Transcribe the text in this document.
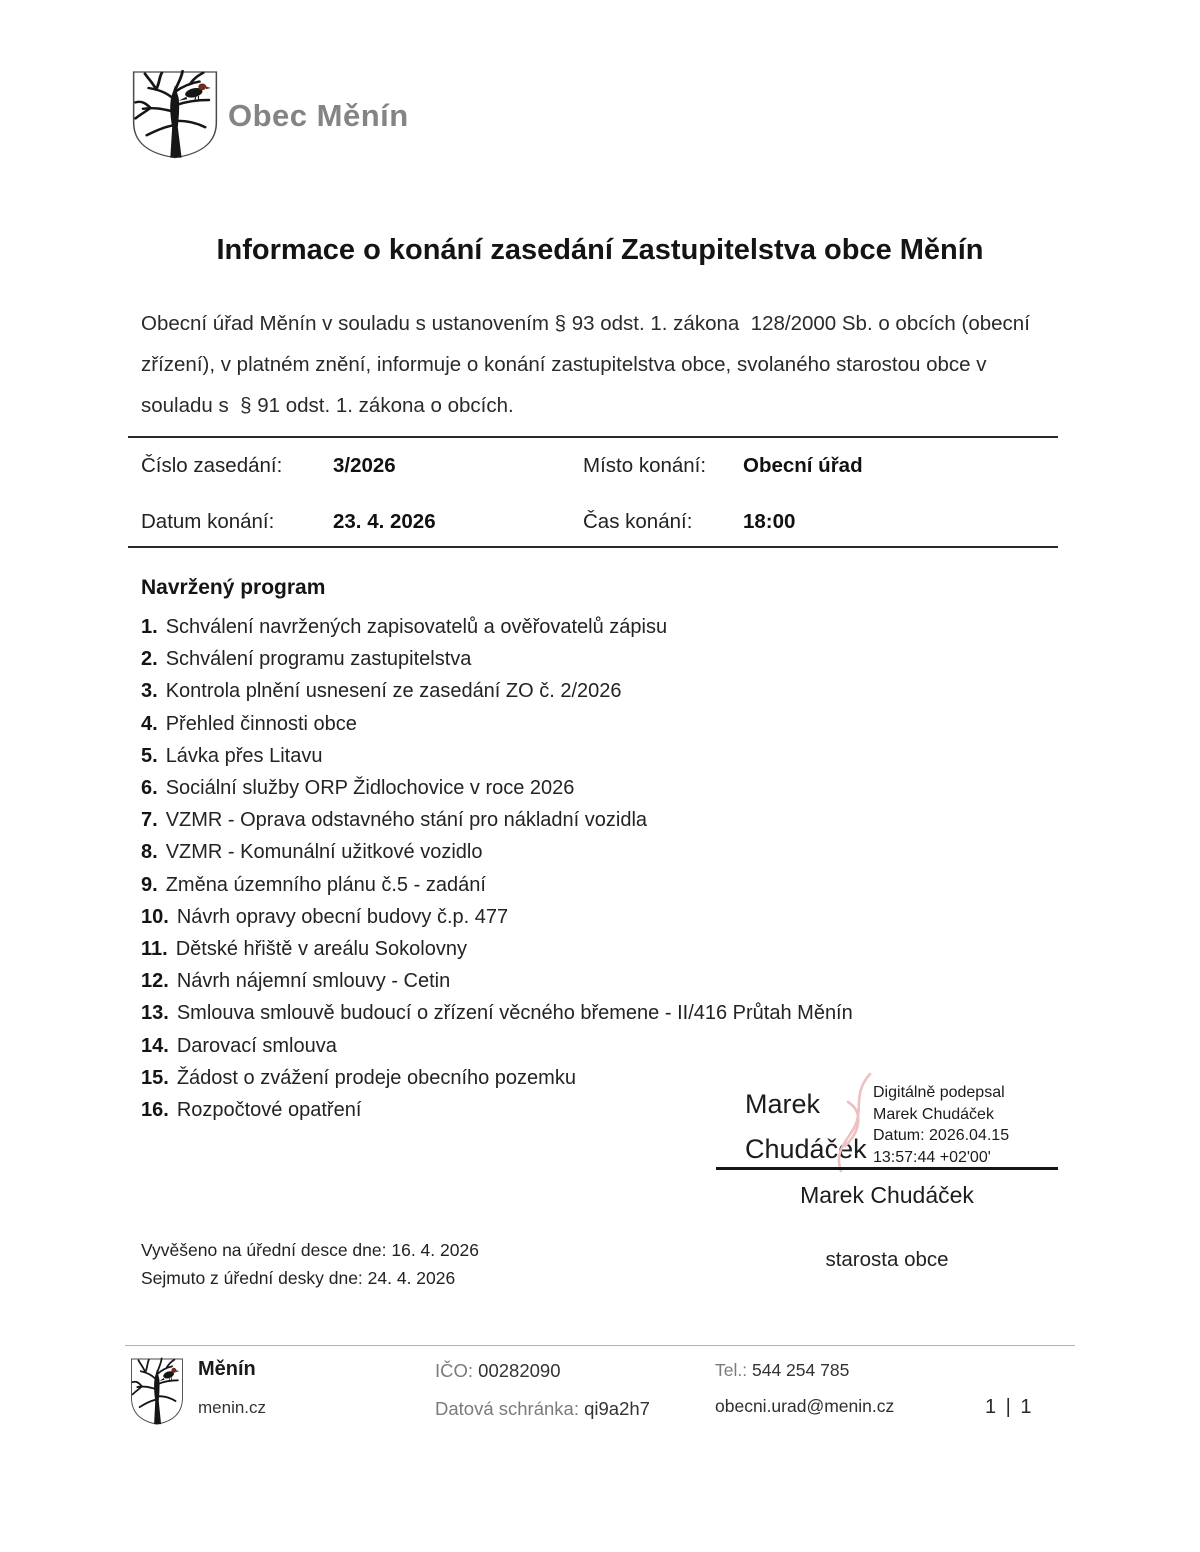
Obec Měnín
Informace o konání zasedání Zastupitelstva obce Měnín

Obecní úřad Měnín v souladu s ustanovením § 93 odst. 1. zákona  128/2000 Sb. o obcích (obecní zřízení), v platném znění, informuje o konání zastupitelstva obce, svolaného starostou obce v souladu s  § 91 odst. 1. zákona o obcích.

Číslo zasedání:	3/2026	Místo konání:	Obecní úřad
Datum konání:	23. 4. 2026	Čas konání:	18:00
Navržený program
1. Schválení navržených zapisovatelů a ověřovatelů zápisu
2. Schválení programu zastupitelstva
3. Kontrola plnění usnesení ze zasedání ZO č. 2/2026
4. Přehled činnosti obce
5. Lávka přes Litavu
6. Sociální služby ORP Židlochovice v roce 2026
7. VZMR - Oprava odstavného stání pro nákladní vozidla
8. VZMR - Komunální užitkové vozidlo
9. Změna územního plánu č.5 - zadání
10. Návrh opravy obecní budovy č.p. 477
11. Dětské hřiště v areálu Sokolovny
12. Návrh nájemní smlouvy - Cetin
13. Smlouva smlouvě budoucí o zřízení věcného břemene - II/416 Průtah Měnín
14. Darovací smlouva
15. Žádost o zvážení prodeje obecního pozemku
16. Rozpočtové opatření	Marek
Chudáček
Digitálně podepsal
Marek Chudáček
Datum: 2026.04.15
13:57:44 +02'00'
Marek Chudáček
starosta obce
Vyvěšeno na úřední desce dne: 16. 4. 2026
Sejmuto z úřední desky dne: 24. 4. 2026
Měnín
menin.cz
IČO: 00282090
Datová schránka: qi9a2h7
Tel.: 544 254 785
obecni.urad@menin.cz	1 | 1
